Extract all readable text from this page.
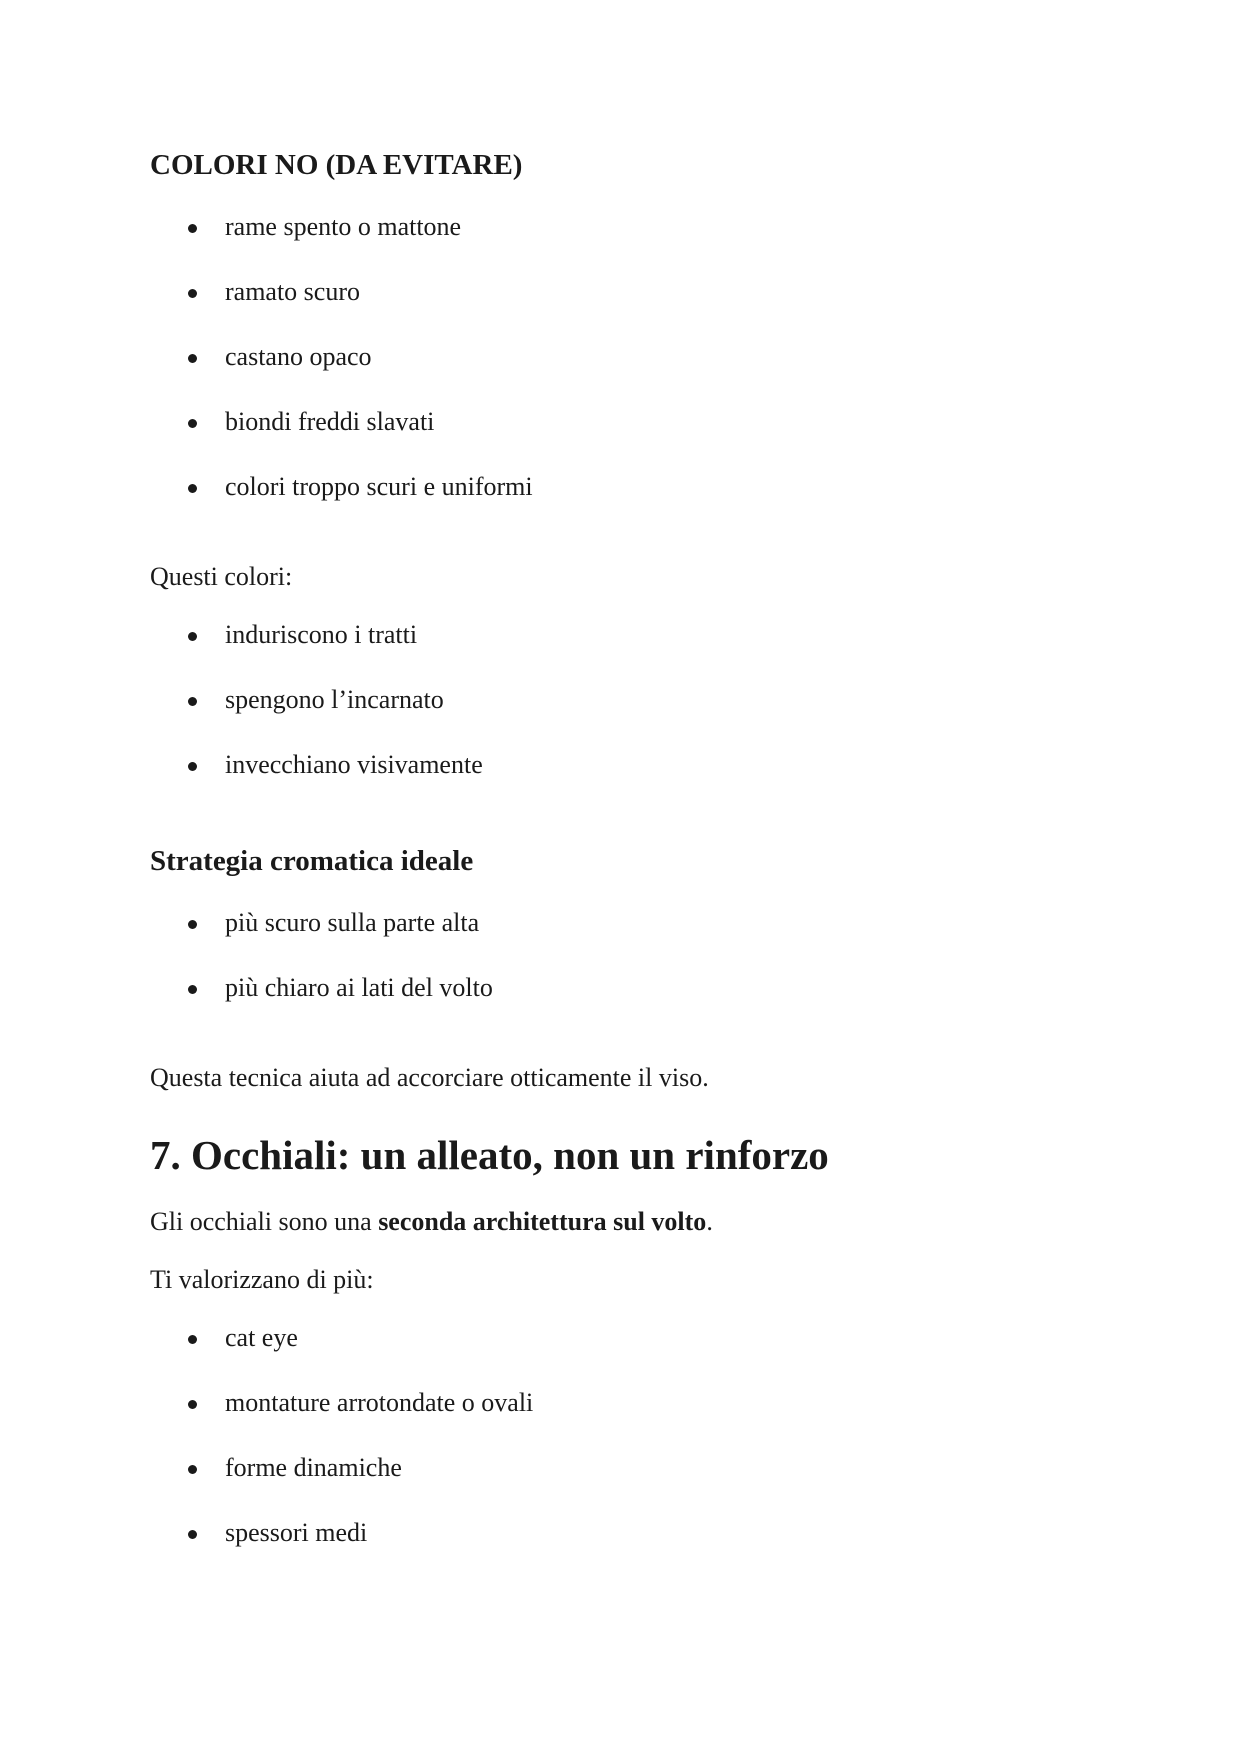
COLORI NO (DA EVITARE)
rame spento o mattone
ramato scuro
castano opaco
biondi freddi slavati
colori troppo scuri e uniformi

Questi colori:

induriscono i tratti
spengono l’incarnato
invecchiano visivamente
Strategia cromatica ideale
più scuro sulla parte alta
più chiaro ai lati del volto

Questa tecnica aiuta ad accorciare otticamente il viso.

7. Occhiali: un alleato, non un rinforzo

Gli occhiali sono una seconda architettura sul volto.

Ti valorizzano di più:

cat eye
montature arrotondate o ovali
forme dinamiche
spessori medi
